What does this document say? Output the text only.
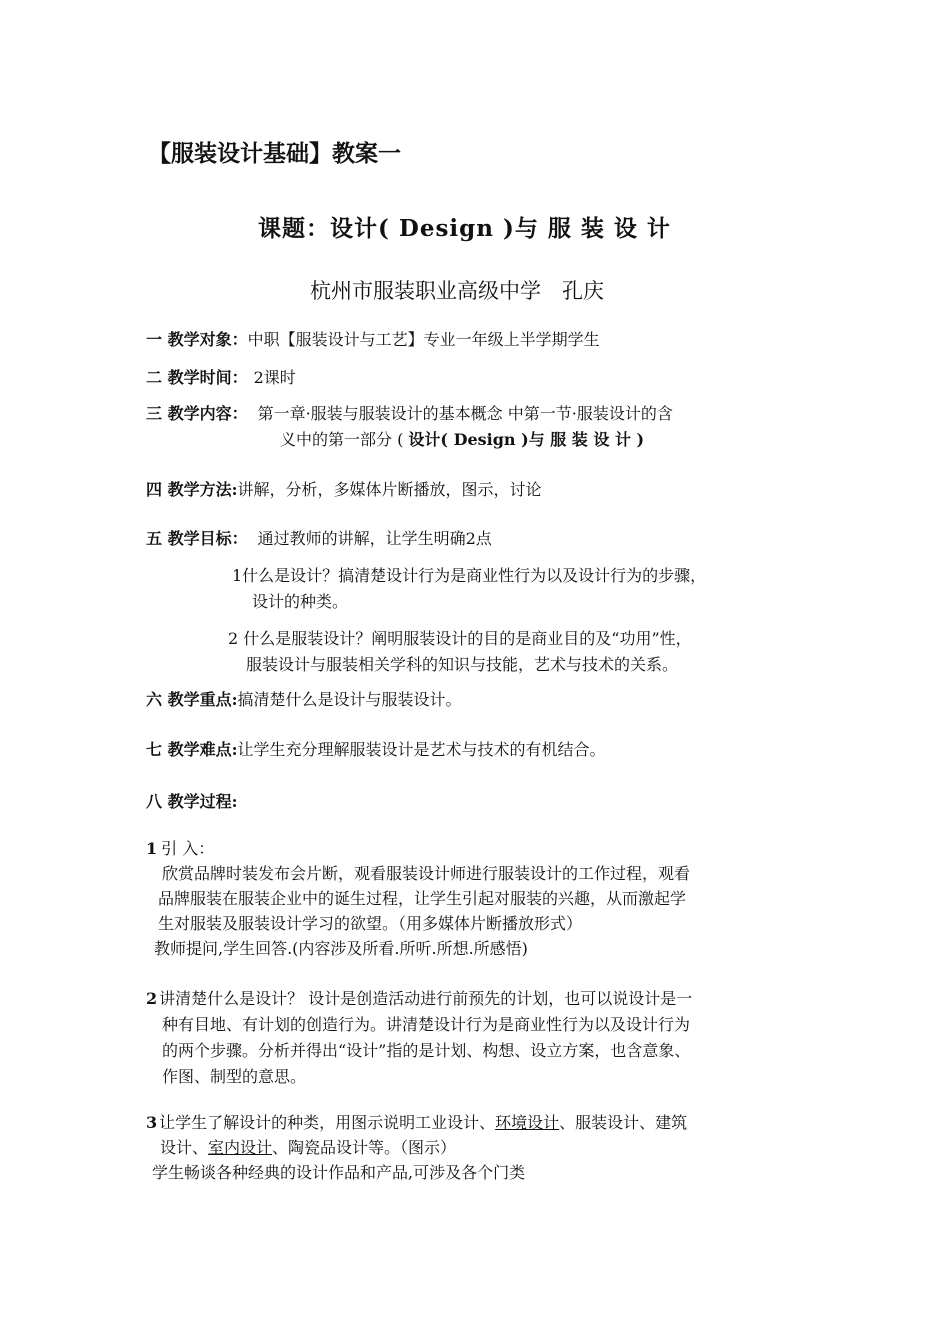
【服装设计基础】教案一
课题：设计( Design )与 服 装 设 计
杭州市服装职业高级中学　孔庆
一 教学对象：中职【服装设计与工艺】专业一年级上半学期学生
二 教学时间： 2课时
三 教学内容： 第一章·服装与服装设计的基本概念 中第一节·服装设计的含
义中的第一部分 ( 设计( Design )与 服 装 设 计 )
四 教学方法:讲解，分析，多媒体片断播放，图示，讨论
五 教学目标： 通过教师的讲解，让学生明确2点
1什么是设计？搞清楚设计行为是商业性行为以及设计行为的步骤，
设计的种类。
2 什么是服装设计？阐明服装设计的目的是商业目的及“功用”性，
服装设计与服装相关学科的知识与技能，艺术与技术的关系。
六 教学重点:搞清楚什么是设计与服装设计。
七 教学难点:让学生充分理解服装设计是艺术与技术的有机结合。
八 教学过程:
1 引 入：
欣赏品牌时装发布会片断，观看服装设计师进行服装设计的工作过程，观看
品牌服装在服装企业中的诞生过程，让学生引起对服装的兴趣，从而激起学
生对服装及服装设计学习的欲望。（用多媒体片断播放形式）
教师提问,学生回答.(内容涉及所看.所听.所想.所感悟)
2 讲清楚什么是设计？ 设计是创造活动进行前预先的计划，也可以说设计是一
种有目地、有计划的创造行为。讲清楚设计行为是商业性行为以及设计行为
的两个步骤。分析并得出“设计”指的是计划、构想、设立方案，也含意象、
作图、制型的意思。
3 让学生了解设计的种类，用图示说明工业设计、环境设计、服装设计、建筑
设计、室内设计、陶瓷品设计等。（图示）
学生畅谈各种经典的设计作品和产品,可涉及各个门类
